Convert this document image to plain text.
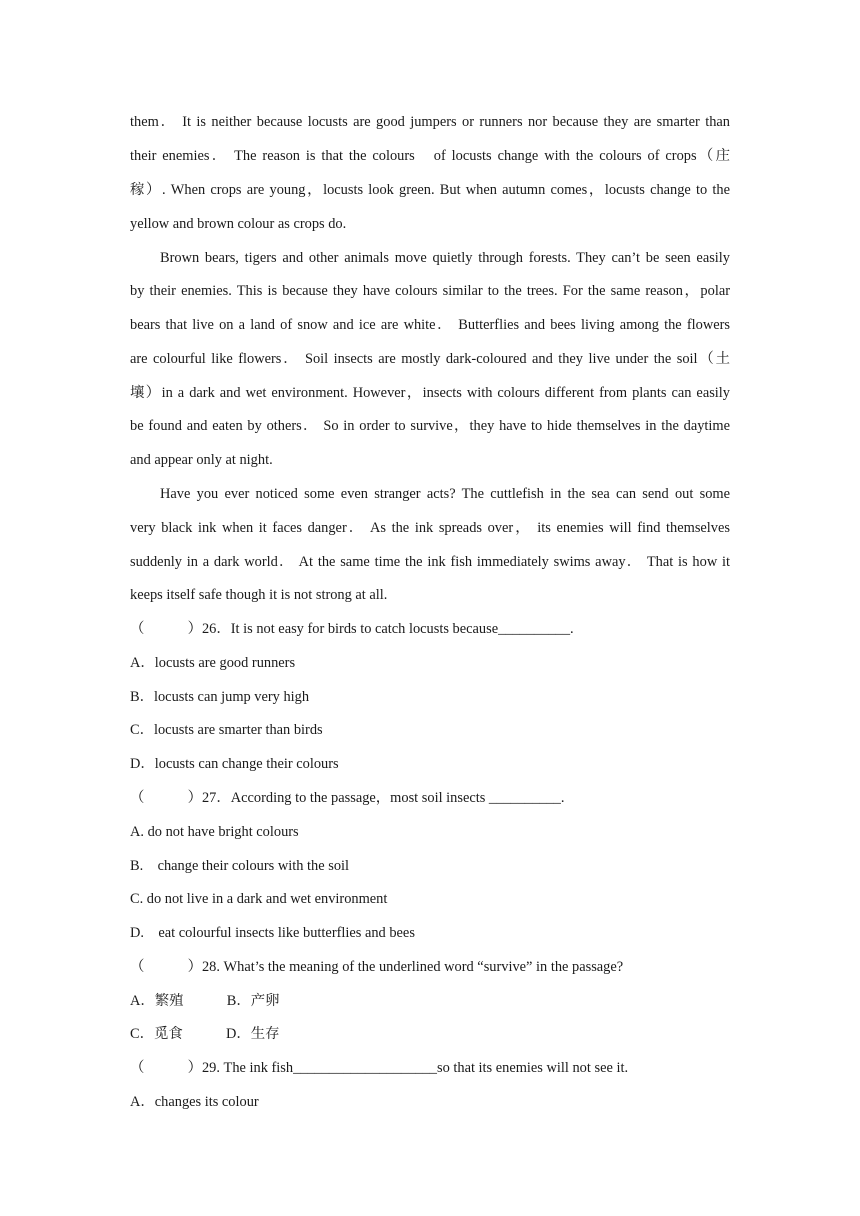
them． It is neither because locusts are good jumpers or runners nor because they are smarter than
their enemies． The reason is that the colours　of locusts change with the colours of crops（庄
稼）. When crops are young，locusts look green. But when autumn comes，locusts change to the
yellow and brown colour as crops do.
Brown bears, tigers and other animals move quietly through forests. They can’t be seen easily
by their enemies. This is because they have colours similar to the trees. For the same reason，polar
bears that live on a land of snow and ice are white． Butterflies and bees living among the flowers
are colourful like flowers． Soil insects are mostly dark-coloured and they live under the soil（土
壤）in a dark and wet environment. However，insects with colours different from plants can easily
be found and eaten by others． So in order to survive，they have to hide themselves in the daytime
and appear only at night.
Have you ever noticed some even stranger acts? The cuttlefish in the sea can send out some
very black ink when it faces danger． As the ink spreads over， its enemies will find themselves
suddenly in a dark world． At the same time the ink fish immediately swims away． That is how it
keeps itself safe though it is not strong at all.
（　　　）26．It is not easy for birds to catch locusts because__________.
A．locusts are good runners
B．locusts can jump very high
C．locusts are smarter than birds
D．locusts can change their colours
（　　　）27．According to the passage，most soil insects __________.
A. do not have bright colours
B.　change their colours with the soil
C. do not live in a dark and wet environment
D.　eat colourful insects like butterflies and bees
（　　　）28. What’s the meaning of the underlined word “survive” in the passage?
A．繁殖　　　B．产卵
C．觅食　　　D．生存
（　　　）29. The ink fish____________________so that its enemies will not see it.
A．changes its colour
